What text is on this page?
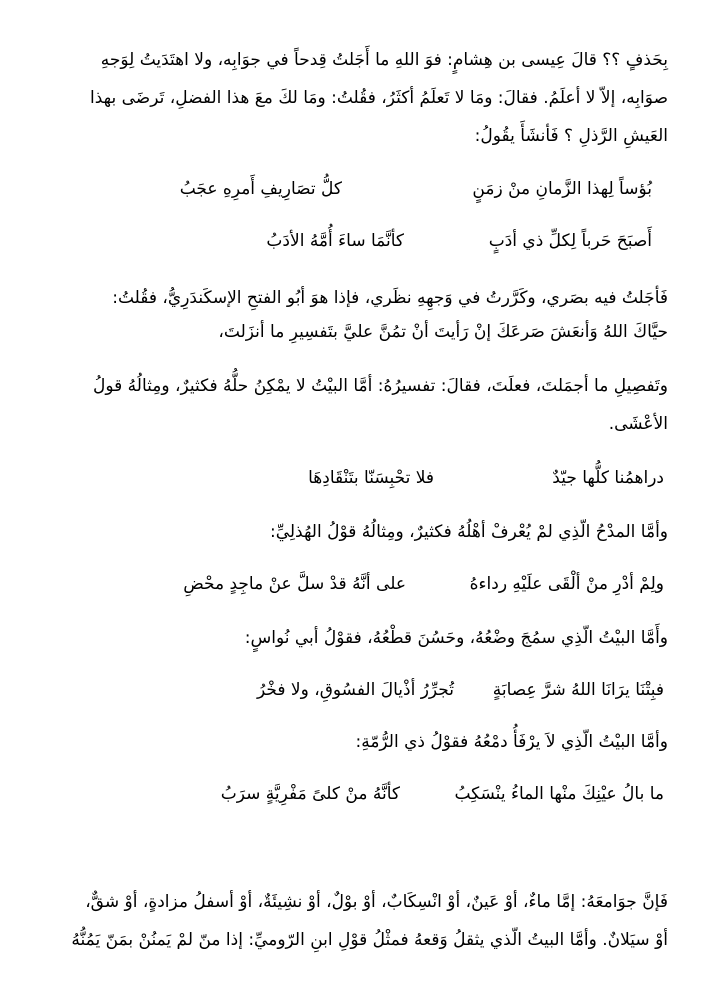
بِحَذفٍ ؟؟ قالَ عِيسى بن هِشامٍ: فوَ اللهِ ما أَجَلتُ قِدحاً في جوَابِه، ولا اهتَدَيتُ لِوَجهِ
صوَابِه، إلاّ لا أعلَمُ. فقالَ: ومَا لا تَعلَمُ أكثَرُ، فقُلتُ: ومَا لكَ معَ هذا الفضلِ، تَرضَى بهذا
العَيشِ الرَّذلِ ؟ فَأنشَأَ يقُولُ:
بُؤساً لِهذا الزَّمانِ منْ زمَنٍ
كلُّ تصَارِيفِ أَمرِهِ عجَبُ
أَصبَحَ حَرباً لِكلِّ ذي أدَبٍ
كأنَّمَا ساءَ أُمَّهُ الأدَبُ
فَأجَلتُ فيه بصَري، وكَرَّرتُ في وَجهِهِ نظَري، فإذا هوَ أبُو الفتحِ الإسكَندَرِيُّ، فقُلتُ:
حيَّاكَ اللهُ وَأنعَشَ صَرعَكَ إنْ رَأيتَ أنْ تمُنَّ عليَّ بتَفسِيرِ ما أنزَلتَ،
وتَفصِيلِ ما أجمَلتَ، فعلَتَ، فقالَ: تفسيرُهُ: أمَّا البيْتُ لا يمْكِنُ حلُّهُ فكثيرٌ، ومِثالُهُ قولُ
الأعْشَى.
دراهمُنا كلُّها جيّدٌ
فلا تحْبِسَنّا بتَنْقَادِهَا
وأمَّا المدْحُ الّذِي لمْ يُعْرفْ أهْلُهُ فكثيرٌ، ومِثالُهُ قوْلُ الهُذلِيِّ:
ولِمْ أدْرِ منْ ألْقَى علَيْهِ رداءهُ
على أنَّهُ قدْ سلَّ عنْ ماجِدٍ محْضِ
وأَمَّا البيْتُ الّذِي سمُجَ وضْعُهُ، وحَسُنَ قطْعُهُ، فقوْلُ أبي نُواسٍ:
فبِتْنَا يرَانَا اللهُ شرَّ عِصابَةٍ
تُجرِّرُ أذْيالَ الفسُوقِ، ولا فخْرُ
وأمَّا البيْتُ الّذِي لاَ يرْفَأُ دمْعُهُ فقوْلُ ذي الرُّمّةِ:
ما بالُ عيْنِكَ منْها الماءُ ينْسَكِبُ
كأنَّهُ منْ كلىً مَفْرِيَّةٍ سرَبُ
فَإنَّ جوَامعَهُ: إمَّا ماءٌ، أوْ عَينٌ، أوْ انْسِكَابٌ، أوْ بوْلٌ، أوْ نشِيئَةٌ، أوْ أسفلُ مزادةٍ، أوْ شقٌّ،
أوْ سيَلانٌ. وأمَّا البيتُ الّذي يثقلُ وَقعهُ فمثْلُ قوْلِ ابنِ الرّوميِّ: إذا منّ لمْ يَمنُنْ بمَنّ يَمُنُّهُ
